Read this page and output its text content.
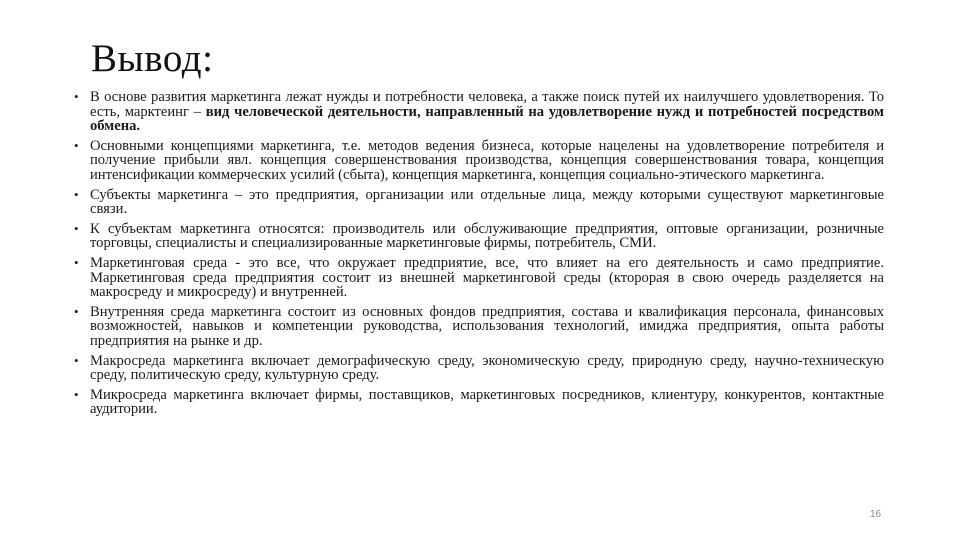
Вывод:
• В основе развития маркетинга лежат нужды и потребности человека, а также поиск путей их наилучшего удовлетворения. То есть, марктеинг – вид человеческой деятельности, направленный на удовлетворение нужд и потребностей посредством обмена.
• Основными концепциями маркетинга, т.е. методов ведения бизнеса, которые нацелены на удовлетворение потребителя и получение прибыли явл. концепция совершенствования производства, концепция совершенствования товара, концепция интенсификации коммерческих усилий (сбыта), концепция маркетинга, концепция социально-этического маркетинга.
• Субъекты маркетинга – это предприятия, организации или отдельные лица, между которыми существуют маркетинговые связи.
• К субъектам маркетинга относятся: производитель или обслуживающие предприятия, оптовые организации, розничные торговцы, специалисты и специализированные маркетинговые фирмы, потребитель, СМИ.
• Маркетинговая среда - это все, что окружает предприятие, все, что влияет на его деятельность и само предприятие. Маркетинговая среда предприятия состоит из внешней маркетинговой среды (кторорая в свою очередь разделяется на макросреду и микросреду) и внутренней.
• Внутренняя среда маркетинга состоит из основных фондов предприятия, состава и квалификация персонала, финансовых возможностей, навыков и компетенции руководства, использования технологий, имиджа предприятия, опыта работы предприятия на рынке и др.
• Макросреда маркетинга включает демографическую среду, экономическую среду, природную среду, научно-техническую среду, политическую среду, культурную среду.
• Микросреда маркетинга включает фирмы, поставщиков, маркетинговых посредников, клиентуру, конкурентов, контактные аудитории.
16
